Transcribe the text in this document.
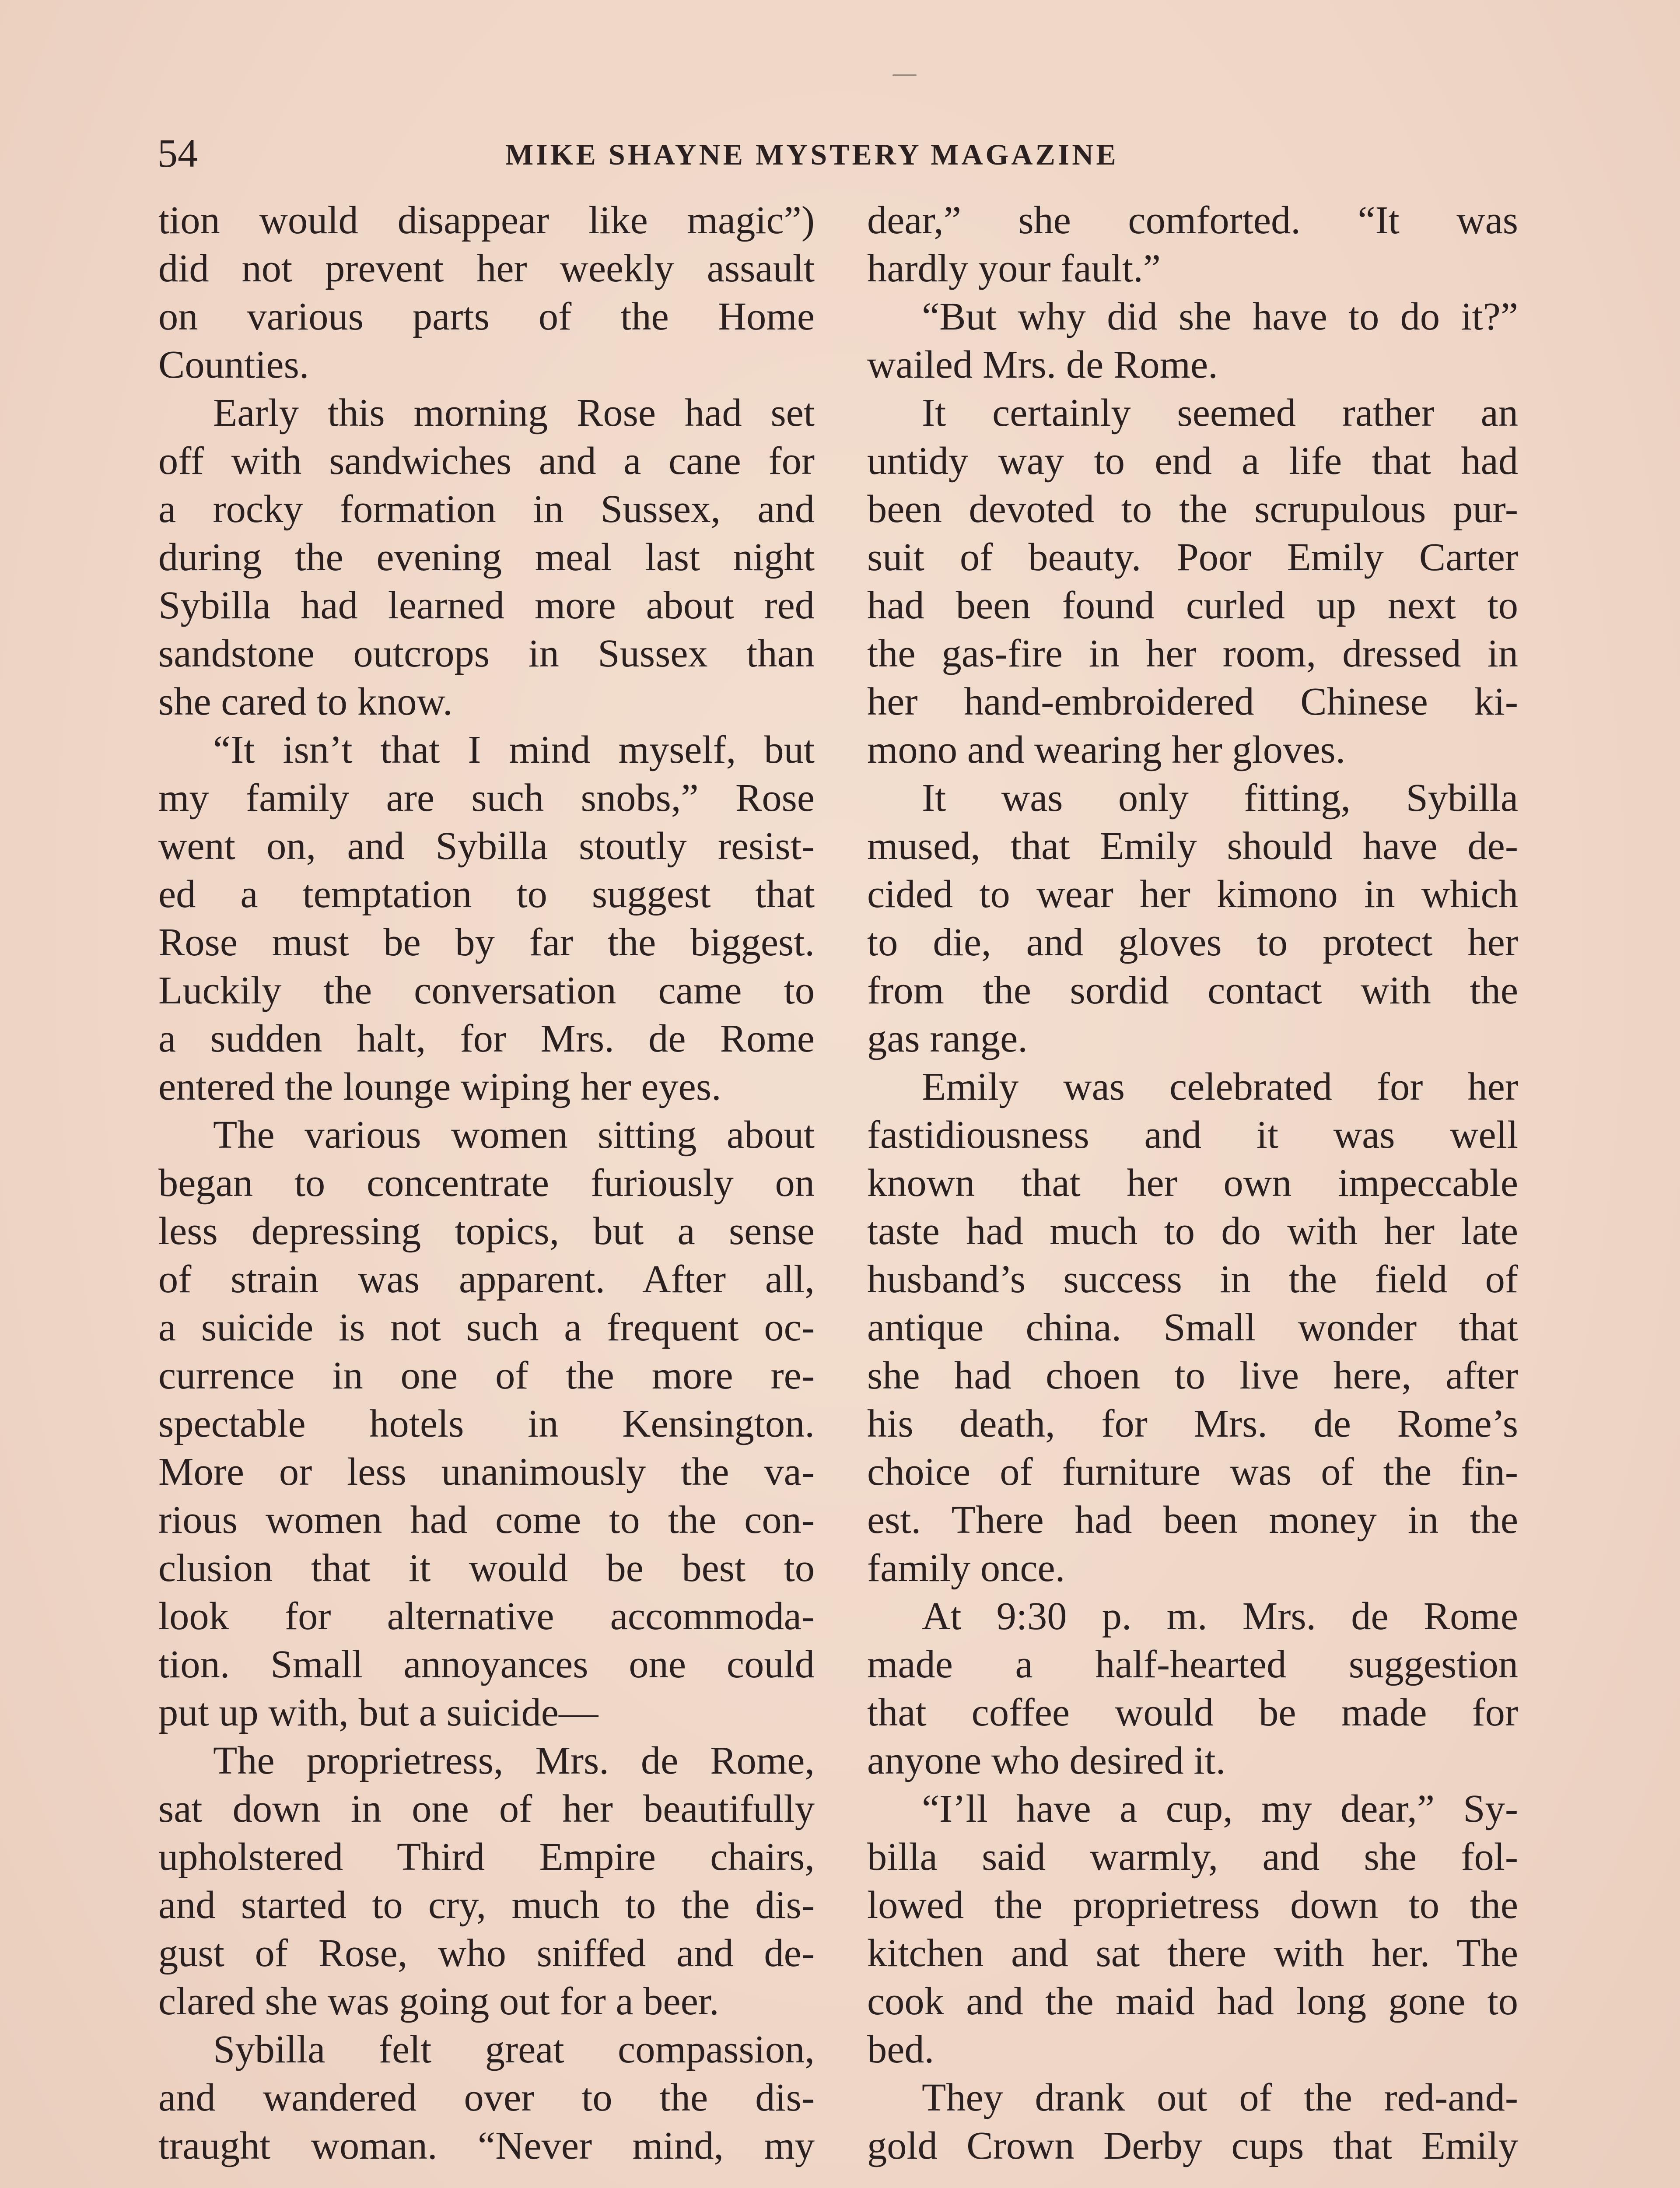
54	MIKE SHAYNE MYSTERY MAGAZINE
tion would disappear like magic”)
did not prevent her weekly assault
on various parts of the Home
Counties.
Early this morning Rose had set
off with sandwiches and a cane for
a rocky formation in Sussex, and
during the evening meal last night
Sybilla had learned more about red
sandstone outcrops in Sussex than
she cared to know.
“It isn’t that I mind myself, but
my family are such snobs,” Rose
went on, and Sybilla stoutly resist-
ed a temptation to suggest that
Rose must be by far the biggest.
Luckily the conversation came to
a sudden halt, for Mrs. de Rome
entered the lounge wiping her eyes.
The various women sitting about
began to concentrate furiously on
less depressing topics, but a sense
of strain was apparent. After all,
a suicide is not such a frequent oc-
currence in one of the more re-
spectable hotels in Kensington.
More or less unanimously the va-
rious women had come to the con-
clusion that it would be best to
look for alternative accommoda-
tion. Small annoyances one could
put up with, but a suicide—
The proprietress, Mrs. de Rome,
sat down in one of her beautifully
upholstered Third Empire chairs,
and started to cry, much to the dis-
gust of Rose, who sniffed and de-
clared she was going out for a beer.
Sybilla felt great compassion,
and wandered over to the dis-
traught woman. “Never mind, my
dear,” she comforted. “It was
hardly your fault.”
“But why did she have to do it?”
wailed Mrs. de Rome.
It certainly seemed rather an
untidy way to end a life that had
been devoted to the scrupulous pur-
suit of beauty. Poor Emily Carter
had been found curled up next to
the gas-fire in her room, dressed in
her hand-embroidered Chinese ki-
mono and wearing her gloves.
It was only fitting, Sybilla
mused, that Emily should have de-
cided to wear her kimono in which
to die, and gloves to protect her
from the sordid contact with the
gas range.
Emily was celebrated for her
fastidiousness and it was well
known that her own impeccable
taste had much to do with her late
husband’s success in the field of
antique china. Small wonder that
she had choen to live here, after
his death, for Mrs. de Rome’s
choice of furniture was of the fin-
est. There had been money in the
family once.
At 9:30 p. m. Mrs. de Rome
made a half-hearted suggestion
that coffee would be made for
anyone who desired it.
“I’ll have a cup, my dear,” Sy-
billa said warmly, and she fol-
lowed the proprietress down to the
kitchen and sat there with her. The
cook and the maid had long gone to
bed.
They drank out of the red-and-
gold Crown Derby cups that Emily
